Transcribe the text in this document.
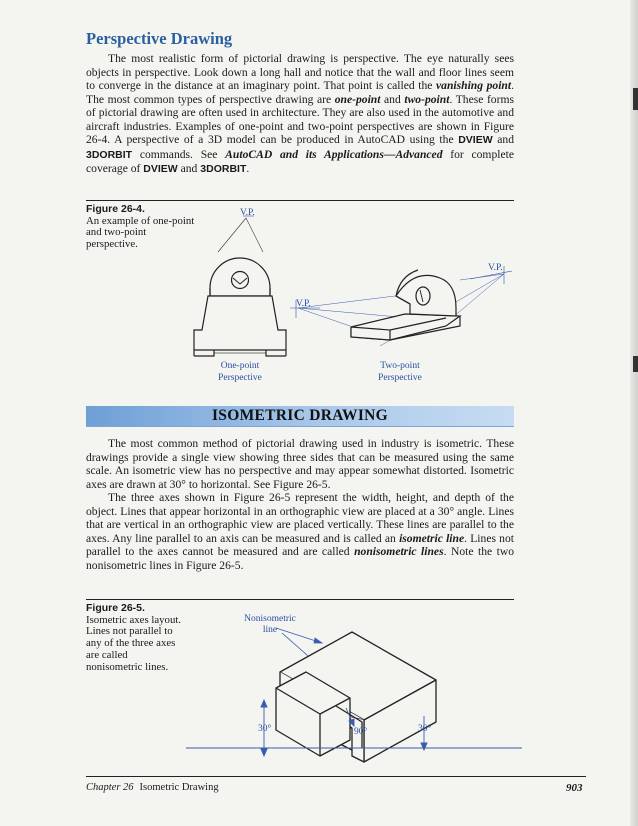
Perspective Drawing

The most realistic form of pictorial drawing is perspective. The eye naturally sees objects in perspective. Look down a long hall and notice that the wall and floor lines seem to converge in the distance at an imaginary point. That point is called the vanishing point. The most common types of perspective drawing are one-point and two-point. These forms of pictorial drawing are often used in architecture. They are also used in the automotive and aircraft industries. Examples of one-point and two-point perspectives are shown in Figure 26-4. A perspective of a 3D model can be produced in AutoCAD using the DVIEW and 3DORBIT commands. See AutoCAD and its Applications—Advanced for complete coverage of DVIEW and 3DORBIT.

Figure 26-4.
An example of one-point and two-point perspective.
V.P.
One-point
Perspective
V.P.
V.P.
Two-point
Perspective
ISOMETRIC DRAWING

The most common method of pictorial drawing used in industry is isometric. These drawings provide a single view showing three sides that can be measured using the same scale. An isometric view has no perspective and may appear somewhat distorted. Isometric axes are drawn at 30° to horizontal. See Figure 26-5.

The three axes shown in Figure 26-5 represent the width, height, and depth of the object. Lines that appear horizontal in an orthographic view are placed at a 30° angle. Lines that are vertical in an orthographic view are placed vertically. These lines are parallel to the axes. Any line parallel to an axis can be measured and is called an isometric line. Lines not parallel to the axes cannot be measured and are called nonisometric lines. Note the two nonisometric lines in Figure 26-5.

Figure 26-5.
Isometric axes layout. Lines not parallel to any of the three axes are called nonisometric lines.
Nonisometric
line
30°	90°	30°
Chapter 26 Isometric Drawing	903
